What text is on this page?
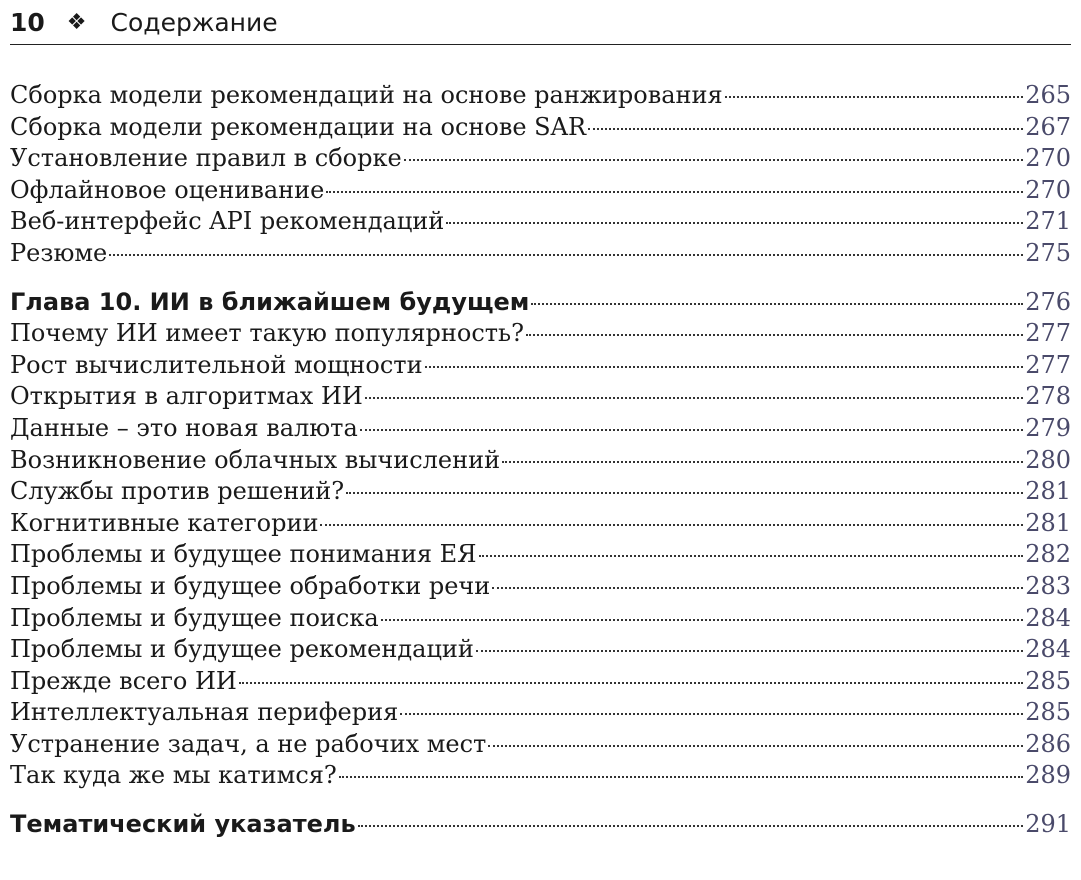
10 ❖ Содержание
Сборка модели рекомендаций на основе ранжирования	265
Сборка модели рекомендации на основе SAR	267
Установление правил в сборке	270
Офлайновое оценивание	270
Веб-интерфейс API рекомендаций	271
Резюме	275
Глава 10. ИИ в ближайшем будущем	276
Почему ИИ имеет такую популярность?	277
Рост вычислительной мощности	277
Открытия в алгоритмах ИИ	278
Данные – это новая валюта	279
Возникновение облачных вычислений	280
Службы против решений?	281
Когнитивные категории	281
Проблемы и будущее понимания ЕЯ	282
Проблемы и будущее обработки речи	283
Проблемы и будущее поиска	284
Проблемы и будущее рекомендаций	284
Прежде всего ИИ	285
Интеллектуальная периферия	285
Устранение задач, а не рабочих мест	286
Так куда же мы катимся?	289
Тематический указатель	291
